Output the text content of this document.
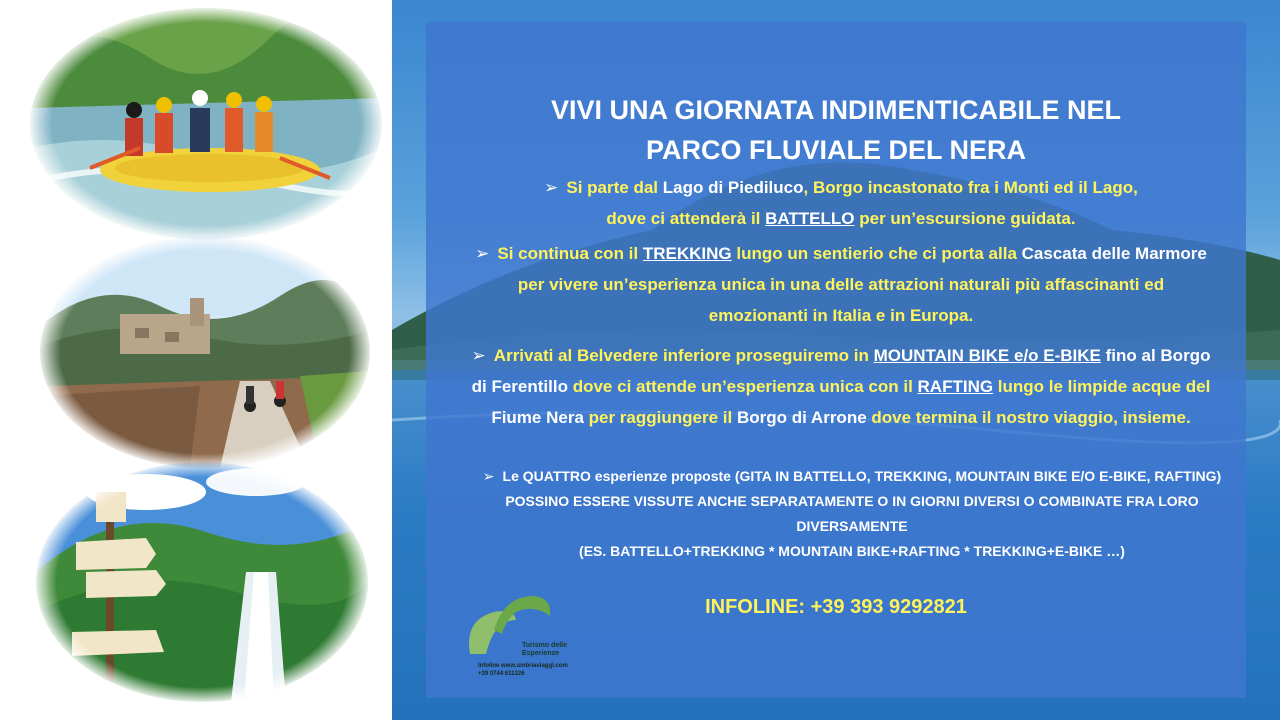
VIVI UNA GIORNATA INDIMENTICABILE NEL
PARCO FLUVIALE DEL NERA
➢ Si parte dal Lago di Piediluco, Borgo incastonato fra i Monti ed il Lago,
dove ci attenderà il BATTELLO per un’escursione guidata.
➢ Si continua con il TREKKING lungo un sentierio che ci porta alla Cascata delle Marmore per vivere un’esperienza unica in una delle attrazioni naturali più affascinanti ed emozionanti in Italia e in Europa.
➢ Arrivati al Belvedere inferiore proseguiremo in MOUNTAIN BIKE e/o E-BIKE fino al Borgo di Ferentillo dove ci attende un’esperienza unica con il RAFTING lungo le limpide acque del Fiume Nera per raggiungere il Borgo di Arrone dove termina il nostro viaggio, insieme.
➢ Le QUATTRO esperienze proposte (GITA IN BATTELLO, TREKKING, MOUNTAIN BIKE E/O E-BIKE, RAFTING) POSSINO ESSERE VISSUTE ANCHE SEPARATAMENTE O IN GIORNI DIVERSI O COMBINATE FRA LORO DIVERSAMENTE
(ES. BATTELLO+TREKKING * MOUNTAIN BIKE+RAFTING * TREKKING+E-BIKE …)
INFOLINE: +39 393 9292821
Turismo delle
Esperienze
Infoline www.umbriaviaggi.com
+39 0744 611326
